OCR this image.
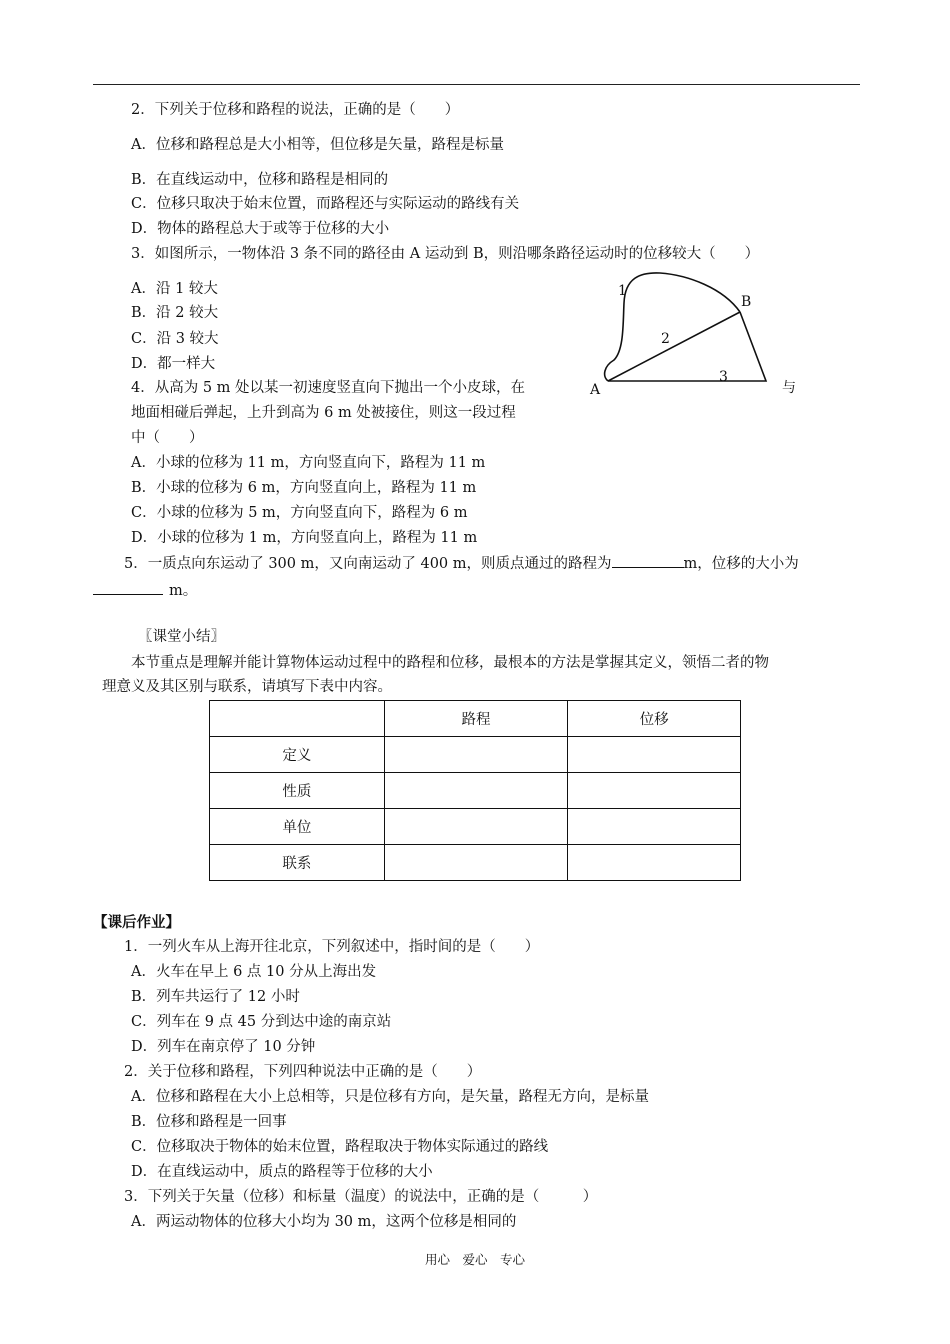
2．下列关于位移和路程的说法，正确的是（　　）
A．位移和路程总是大小相等，但位移是矢量，路程是标量
B．在直线运动中，位移和路程是相同的
C．位移只取决于始末位置，而路程还与实际运动的路线有关
D．物体的路程总大于或等于位移的大小
3．如图所示，一物体沿 3 条不同的路径由 A 运动到 B，则沿哪条路径运动时的位移较大（　　）
A．沿 1 较大
B．沿 2 较大
C．沿 3 较大
D．都一样大
1
2
3
A
B
与
4．从高为 5 m 处以某一初速度竖直向下抛出一个小皮球，在
地面相碰后弹起，上升到高为 6 m 处被接住，则这一段过程
中（　　）
A．小球的位移为 11 m，方向竖直向下，路程为 11 m
B．小球的位移为 6 m，方向竖直向上，路程为 11 m
C．小球的位移为 5 m，方向竖直向下，路程为 6 m
D．小球的位移为 1 m，方向竖直向上，路程为 11 m
5．一质点向东运动了 300 m，又向南运动了 400 m，则质点通过的路程为	m，位移的大小为
m。
〖课堂小结〗
本节重点是理解并能计算物体运动过程中的路程和位移，最根本的方法是掌握其定义，领悟二者的物
理意义及其区别与联系，请填写下表中内容。
	路程	位移
定义		
性质		
单位		
联系		
【课后作业】
1．一列火车从上海开往北京，下列叙述中，指时间的是（　　）
A．火车在早上 6 点 10 分从上海出发
B．列车共运行了 12 小时
C．列车在 9 点 45 分到达中途的南京站
D．列车在南京停了 10 分钟
2．关于位移和路程，下列四种说法中正确的是（　　）
A．位移和路程在大小上总相等，只是位移有方向，是矢量，路程无方向，是标量
B．位移和路程是一回事
C．位移取决于物体的始末位置，路程取决于物体实际通过的路线
D．在直线运动中，质点的路程等于位移的大小
3．下列关于矢量（位移）和标量（温度）的说法中，正确的是（　　　）
A．两运动物体的位移大小均为 30 m，这两个位移是相同的
用心　爱心　专心
